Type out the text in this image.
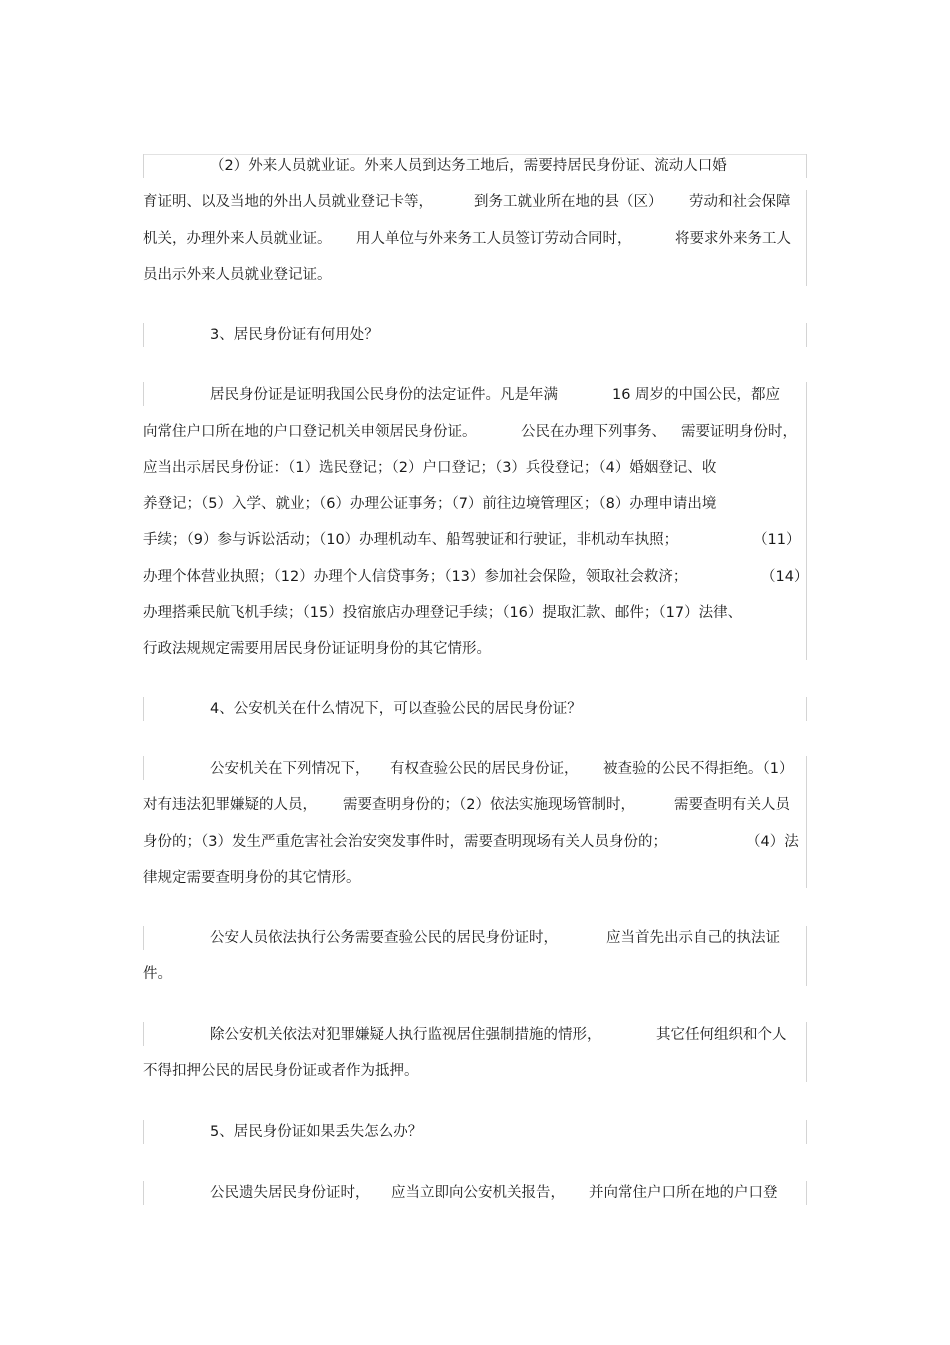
（2）外来人员就业证。外来人员到达务工地后，需要持居民身份证、流动人口婚
育证明、以及当地的外出人员就业登记卡等，	到务工就业所在地的县（区） 劳动和社会保障
机关，办理外来人员就业证。 用人单位与外来务工人员签订劳动合同时，	将要求外来务工人
员出示外来人员就业登记证。
3、居民身份证有何用处？
居民身份证是证明我国公民身份的法定证件。凡是年满	16 周岁的中国公民，都应
向常住户口所在地的户口登记机关申领居民身份证。	公民在办理下列事务、 需要证明身份时，
应当出示居民身份证：（1）选民登记；（2）户口登记；（3）兵役登记；（4）婚姻登记、收
养登记；（5）入学、就业；（6）办理公证事务；（7）前往边境管理区；（8）办理申请出境
手续；（9）参与诉讼活动；（10）办理机动车、船驾驶证和行驶证，非机动车执照；	（11）
办理个体营业执照；（12）办理个人信贷事务；（13）参加社会保险，领取社会救济；	（14）
办理搭乘民航飞机手续；（15）投宿旅店办理登记手续；（16）提取汇款、邮件；（17）法律、
行政法规规定需要用居民身份证证明身份的其它情形。
4、公安机关在什么情况下，可以查验公民的居民身份证？
公安机关在下列情况下， 有权查验公民的居民身份证， 被查验的公民不得拒绝。（1）
对有违法犯罪嫌疑的人员， 需要查明身份的；（2）依法实施现场管制时，	需要查明有关人员
身份的；（3）发生严重危害社会治安突发事件时，需要查明现场有关人员身份的；	（4）法
律规定需要查明身份的其它情形。
公安人员依法执行公务需要查验公民的居民身份证时，	应当首先出示自己的执法证
件。
除公安机关依法对犯罪嫌疑人执行监视居住强制措施的情形，	其它任何组织和个人
不得扣押公民的居民身份证或者作为抵押。
5、居民身份证如果丢失怎么办？
公民遗失居民身份证时， 应当立即向公安机关报告， 并向常住户口所在地的户口登
